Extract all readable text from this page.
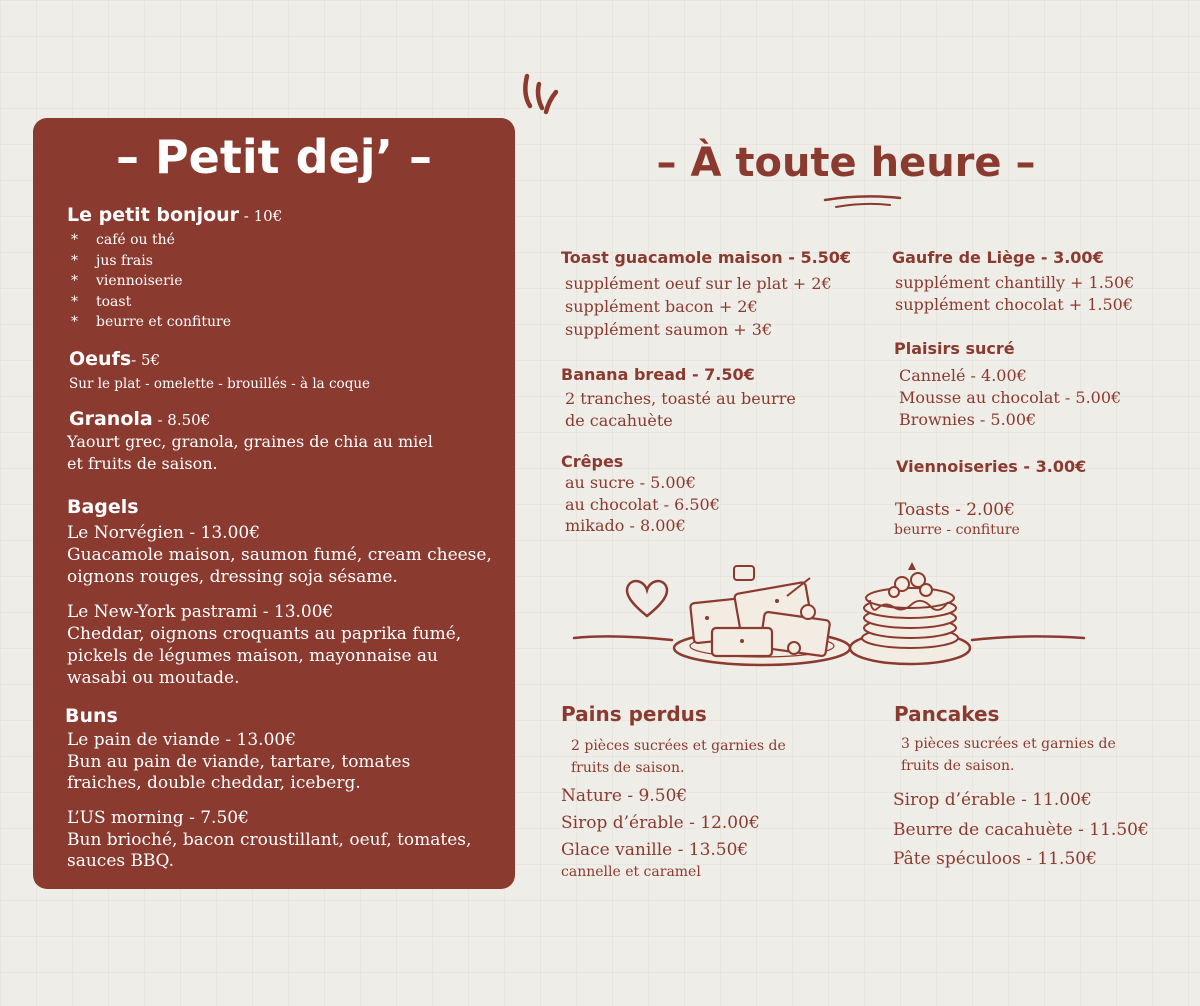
– Petit dej’ –
Le petit bonjour - 10€
* café ou thé
* jus frais
* viennoiserie
* toast
* beurre et confiture
Oeufs- 5€
Sur le plat - omelette - brouillés - à la coque
Granola - 8.50€
Yaourt grec, granola, graines de chia au miel
et fruits de saison.
Bagels
Le Norvégien - 13.00€
Guacamole maison, saumon fumé, cream cheese,
oignons rouges, dressing soja sésame.
Le New-York pastrami - 13.00€
Cheddar, oignons croquants au paprika fumé,
pickels de légumes maison, mayonnaise au
wasabi ou moutade.
Buns
Le pain de viande - 13.00€
Bun au pain de viande, tartare, tomates
fraiches, double cheddar, iceberg.
L’US morning - 7.50€
Bun brioché, bacon croustillant, oeuf, tomates,
sauces BBQ.
– À toute heure –
Toast guacamole maison - 5.50€
supplément oeuf sur le plat + 2€
supplément bacon + 2€
supplément saumon + 3€
Banana bread - 7.50€
2 tranches, toasté au beurre
de cacahuète
Crêpes
au sucre - 5.00€
au chocolat - 6.50€
mikado - 8.00€
Gaufre de Liège - 3.00€
supplément chantilly + 1.50€
supplément chocolat + 1.50€
Plaisirs sucré
Cannelé - 4.00€
Mousse au chocolat - 5.00€
Brownies - 5.00€
Viennoiseries - 3.00€
Toasts - 2.00€
beurre - confiture
Pains perdus
2 pièces sucrées et garnies de
fruits de saison.
Nature - 9.50€
Sirop d’érable - 12.00€
Glace vanille - 13.50€
cannelle et caramel
Pancakes
3 pièces sucrées et garnies de
fruits de saison.
Sirop d’érable - 11.00€
Beurre de cacahuète - 11.50€
Pâte spéculoos - 11.50€
